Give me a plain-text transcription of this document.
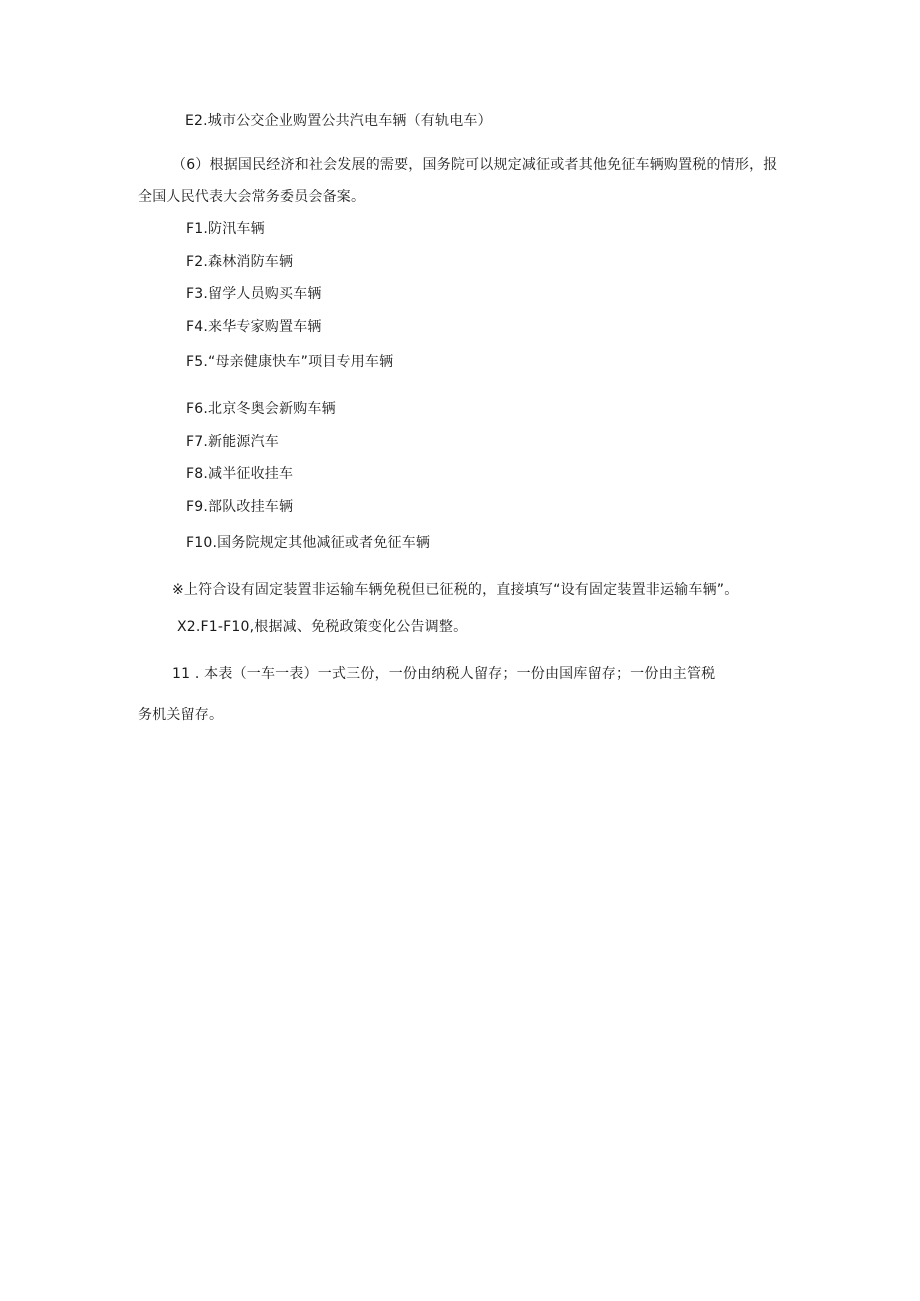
E2.城市公交企业购置公共汽电车辆（有轨电车）
（6）根据国民经济和社会发展的需要，国务院可以规定减征或者其他免征车辆购置税的情形，报
全国人民代表大会常务委员会备案。
F1.防汛车辆
F2.森林消防车辆
F3.留学人员购买车辆
F4.来华专家购置车辆
F5.“母亲健康快车”项目专用车辆
F6.北京冬奥会新购车辆
F7.新能源汽车
F8.减半征收挂车
F9.部队改挂车辆
F10.国务院规定其他减征或者免征车辆
※上符合设有固定装置非运输车辆免税但已征税的，直接填写“设有固定装置非运输车辆”。
X2.F1-F10,根据减、免税政策变化公告调整。
11 . 本表（一车一表）一式三份，一份由纳税人留存；一份由国库留存；一份由主管税
务机关留存。
